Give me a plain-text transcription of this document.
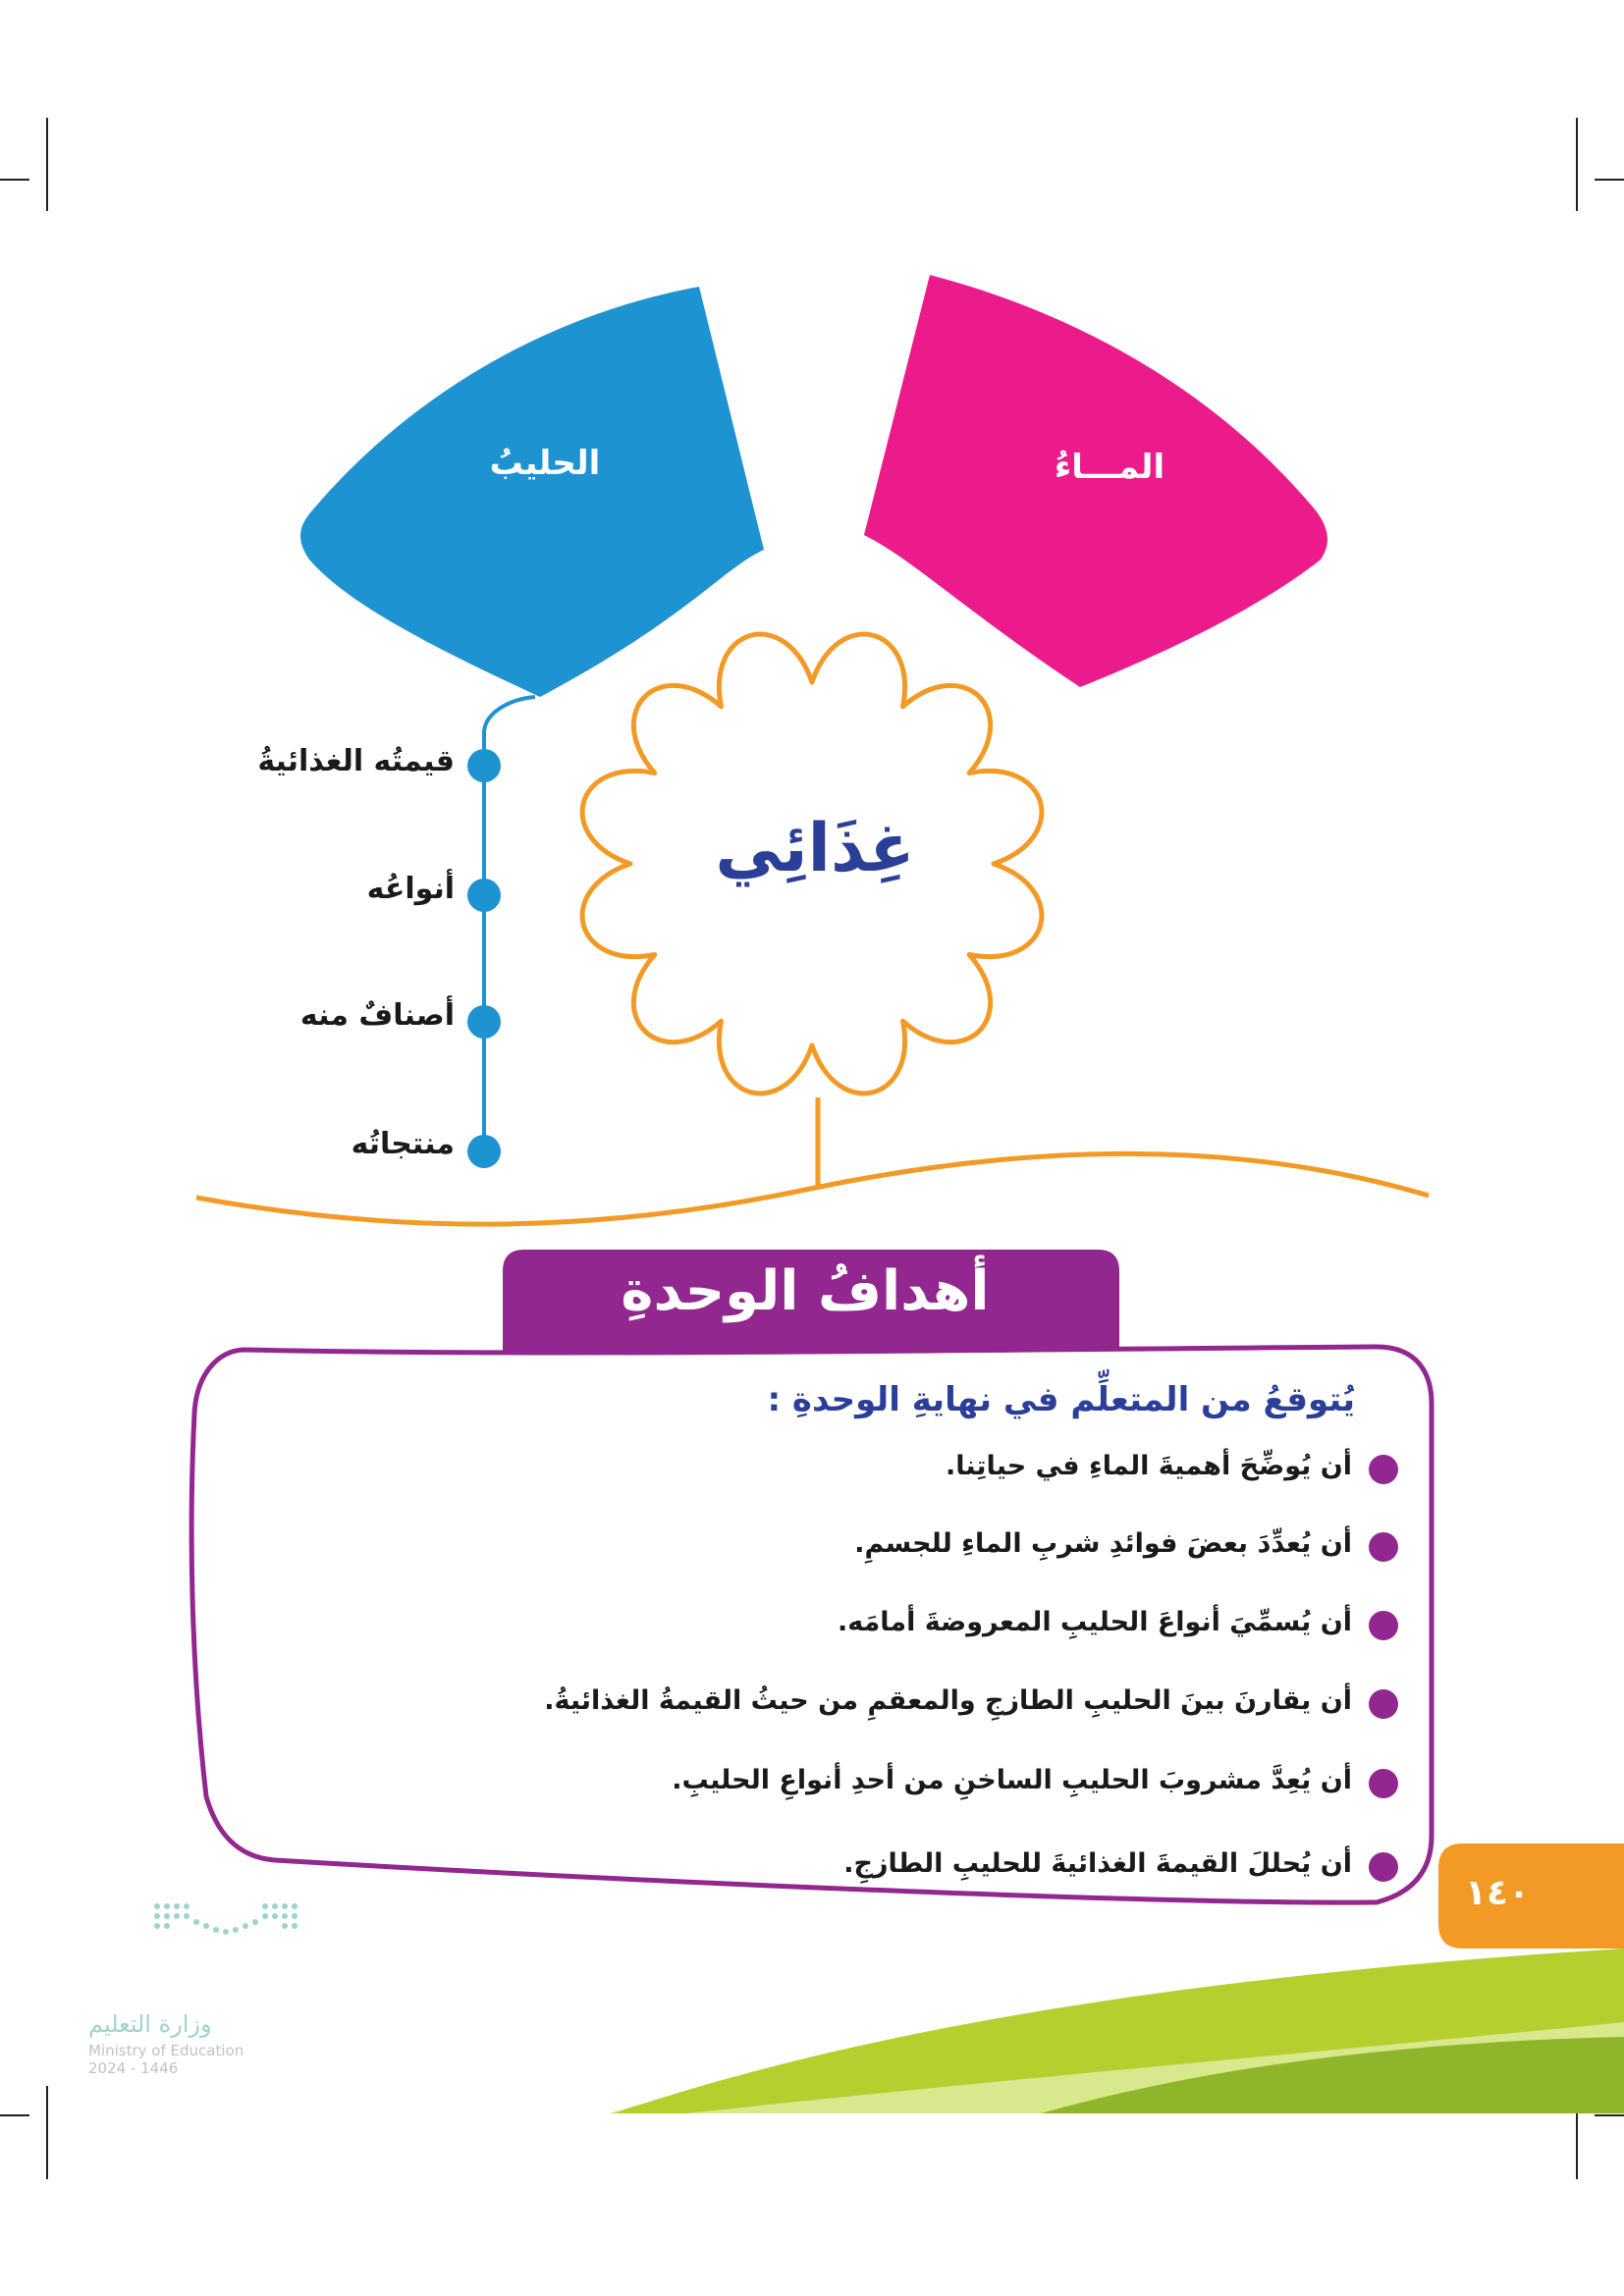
الحليبُ	المـــاءُ
غِذَائِي
قيمتُه الغذائيةُ
أنواعُه
أصنافٌ منه
منتجاتُه
أهدافُ الوحدةِ
يُتوقعُ من المتعلِّم في نهايةِ الوحدةِ :
أن يُوضِّحَ أهميةَ الماءِ في حياتِنا.
أن يُعدِّدَ بعضَ فوائدِ شربِ الماءِ للجسمِ.
أن يُسمِّيَ أنواعَ الحليبِ المعروضةَ أمامَه.
أن يقارنَ بينَ الحليبِ الطازجِ والمعقمِ من حيثُ القيمةُ الغذائيةُ.
أن يُعِدَّ مشروبَ الحليبِ الساخنِ من أحدِ أنواعِ الحليبِ.
أن يُحللَ القيمةَ الغذائيةَ للحليبِ الطازجِ.
١٤٠
وزارة التعليم
Ministry of Education
2024 - 1446
